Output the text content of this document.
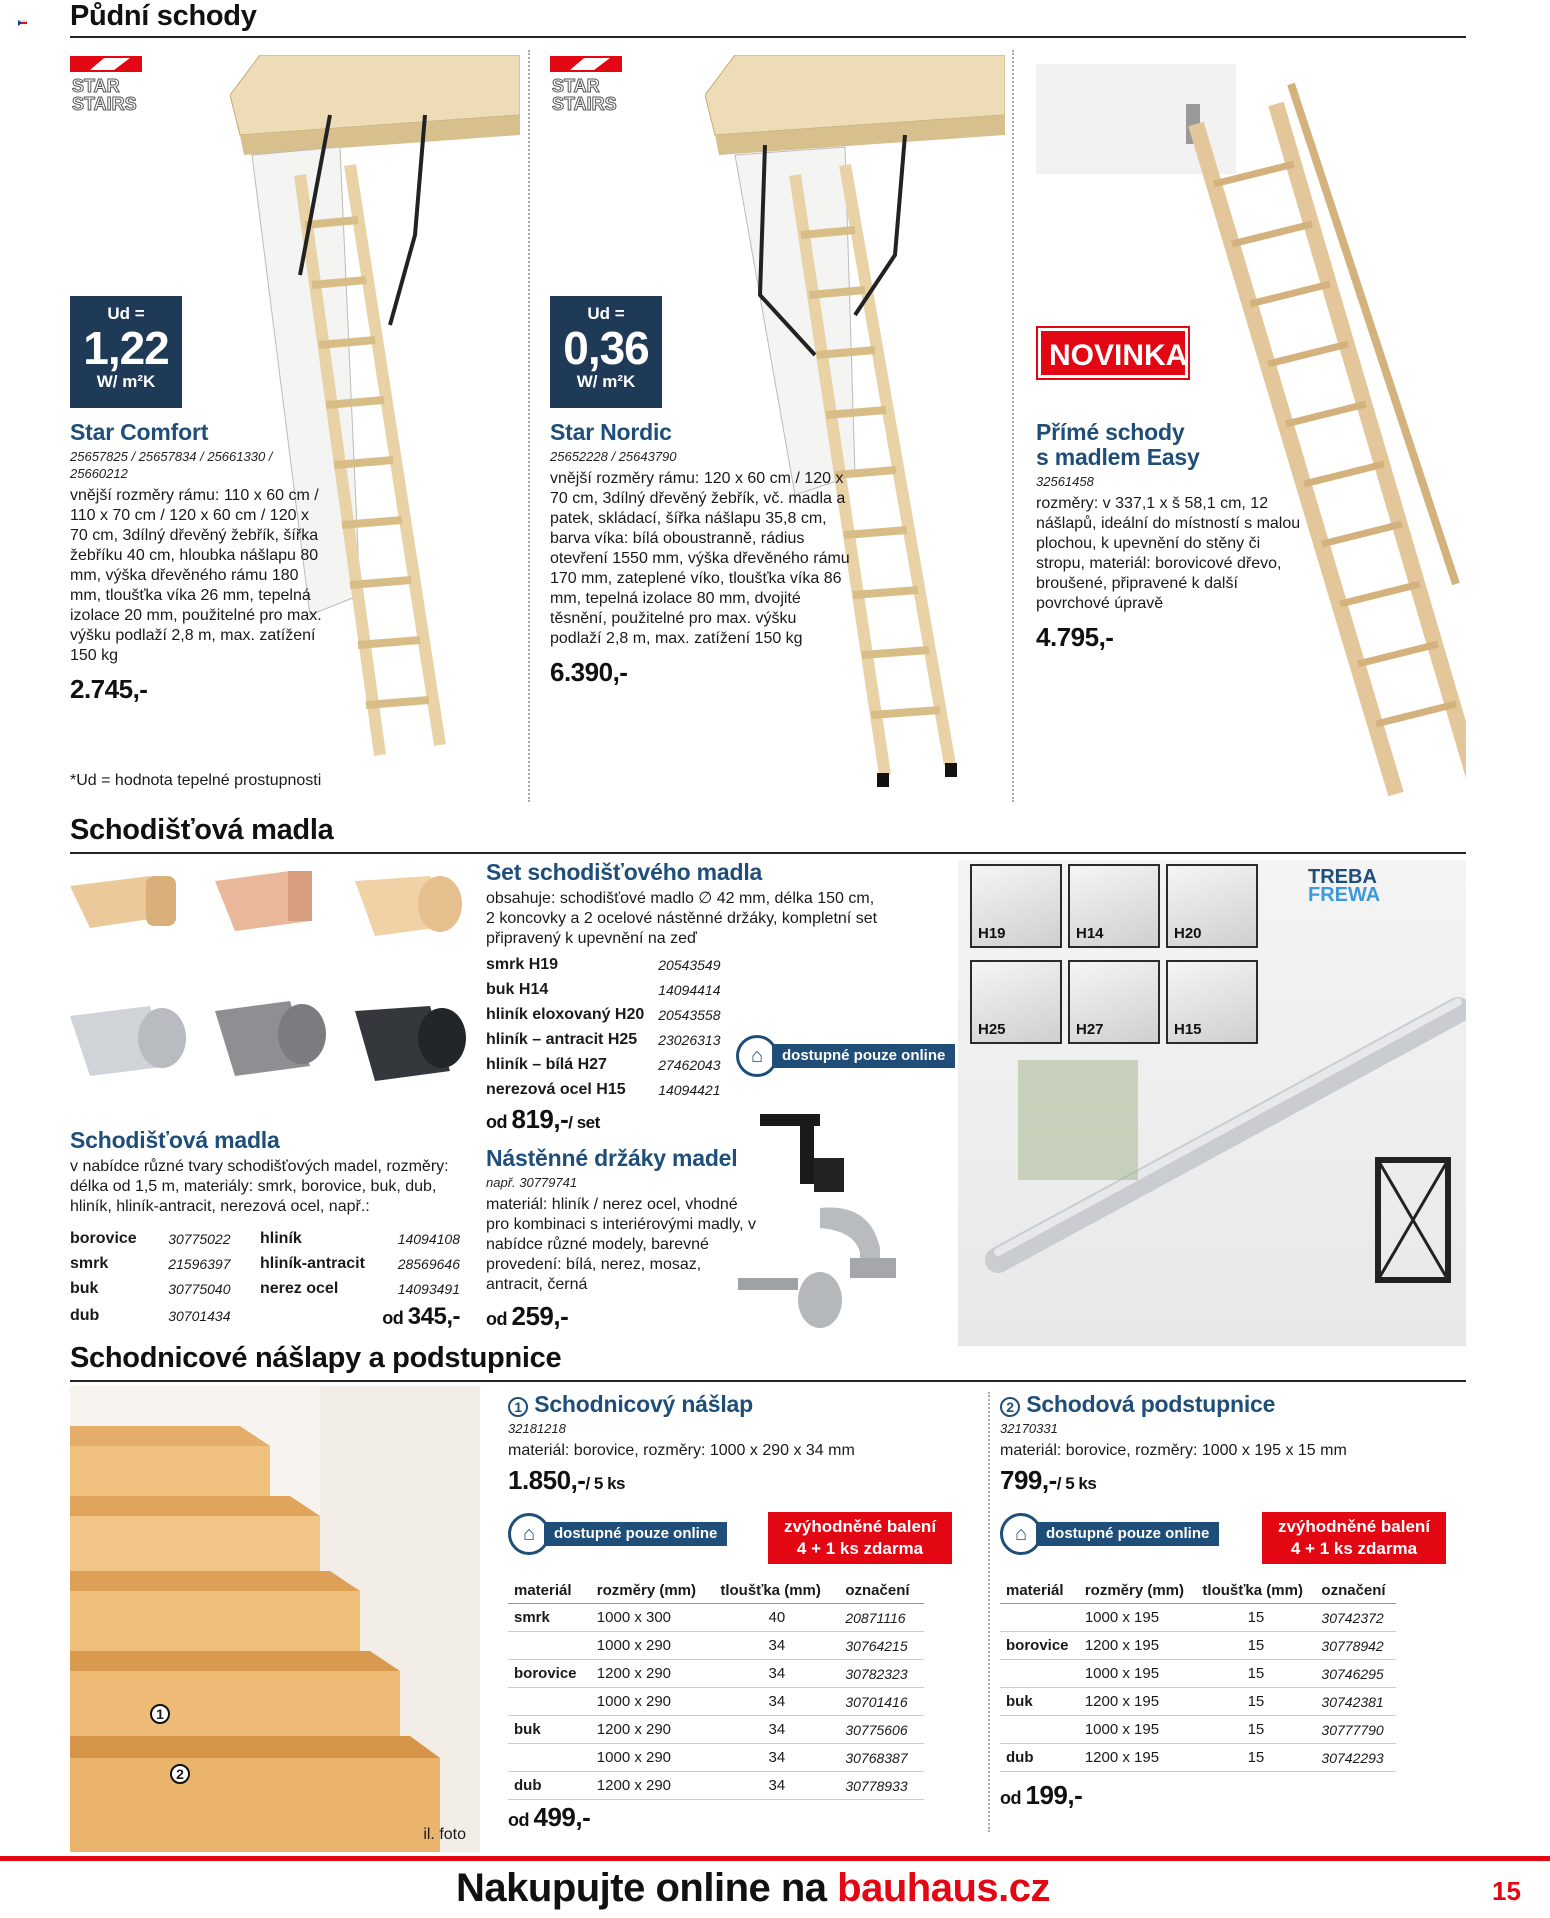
Půdní schody
STAR
STAIRS
Ud =
1,22
W/ m²K
Star Comfort
25657825 / 25657834 / 25661330 / 25660212
vnější rozměry rámu: 110 x 60 cm / 110 x 70 cm / 120 x 60 cm / 120 x 70 cm, 3dílný dřevěný žebřík, šířka žebříku 40 cm, hloubka nášlapu 80 mm, výška dřevěného rámu 180 mm, tloušťka víka 26 mm, tepelná izolace 20 mm, použitelné pro max. výšku podlaží 2,8 m, max. zatížení 150 kg
2.745,-
*Ud = hodnota tepelné prostupnosti
STAR
STAIRS
Ud =
0,36
W/ m²K
Star Nordic
25652228 / 25643790
vnější rozměry rámu: 120 x 60 cm / 120 x 70 cm, 3dílný dřevěný žebřík, vč. madla a patek, skládací, šířka nášlapu 35,8 cm, barva víka: bílá oboustranně, rádius otevření 1550 mm, výška dřevěného rámu 170 mm, zateplené víko, tloušťka víka 86 mm, tepelná izolace 80 mm, dvojité těsnění, použitelné pro max. výšku podlaží 2,8 m, max. zatížení 150 kg
6.390,-
NOVINKA
Přímé schody
s madlem Easy
32561458
rozměry: v 337,1 x š 58,1 cm, 12 nášlapů, ideální do místností s malou plochou, k upevnění do stěny či stropu, materiál: borovicové dřevo, broušené, připravené k další povrchové úpravě
4.795,-
Schodišťová madla
Schodišťová madla
v nabídce různé tvary schodišťových madel, rozměry: délka od 1,5 m, materiály: smrk, borovice, buk, dub, hliník, hliník-antracit, nerezová ocel, např.:
borovice	30775022
smrk	21596397
buk	30775040
dub	30701434
hliník	14094108
hliník-antracit	28569646
nerez ocel	14093491
	od 345,-
Set schodišťového madla
obsahuje: schodišťové madlo ∅ 42 mm, délka 150 cm, 2 koncovky a 2 ocelové nástěnné držáky, kompletní set připravený k upevnění na zeď
smrk H19	20543549
buk H14	14094414
hliník eloxovaný H20	20543558
hliník – antracit H25	23026313
hliník – bílá H27	27462043
nerezová ocel H15	14094421
od 819,-/ set
⌂	dostupné pouze online
Nástěnné držáky madel
např. 30779741
materiál: hliník / nerez ocel, vhodné pro kombinaci s interiérovými madly, v nabídce různé modely, barevné provedení: bílá, nerez, mosaz, antracit, černá
od 259,-
H19	H14	H20
H25	H27	H15
TREBA
FREWA
Schodnicové nášlapy a podstupnice
1
2
il. foto
1 Schodnicový nášlap
32181218
materiál: borovice, rozměry: 1000 x 290 x 34 mm
1.850,-/ 5 ks
⌂	dostupné pouze online	zvýhodněné balení
4 + 1 ks zdarma
materiál	rozměry (mm)	tloušťka (mm)	označení
smrk	1000 x 300	40	20871116
	1000 x 290	34	30764215
borovice	1200 x 290	34	30782323
	1000 x 290	34	30701416
buk	1200 x 290	34	30775606
	1000 x 290	34	30768387
dub	1200 x 290	34	30778933
od 499,-
2 Schodová podstupnice
32170331
materiál: borovice, rozměry: 1000 x 195 x 15 mm
799,-/ 5 ks
⌂	dostupné pouze online	zvýhodněné balení
4 + 1 ks zdarma
materiál	rozměry (mm)	tloušťka (mm)	označení
	1000 x 195	15	30742372
borovice	1200 x 195	15	30778942
	1000 x 195	15	30746295
buk	1200 x 195	15	30742381
	1000 x 195	15	30777790
dub	1200 x 195	15	30742293
od 199,-
Nakupujte online na bauhaus.cz	15
